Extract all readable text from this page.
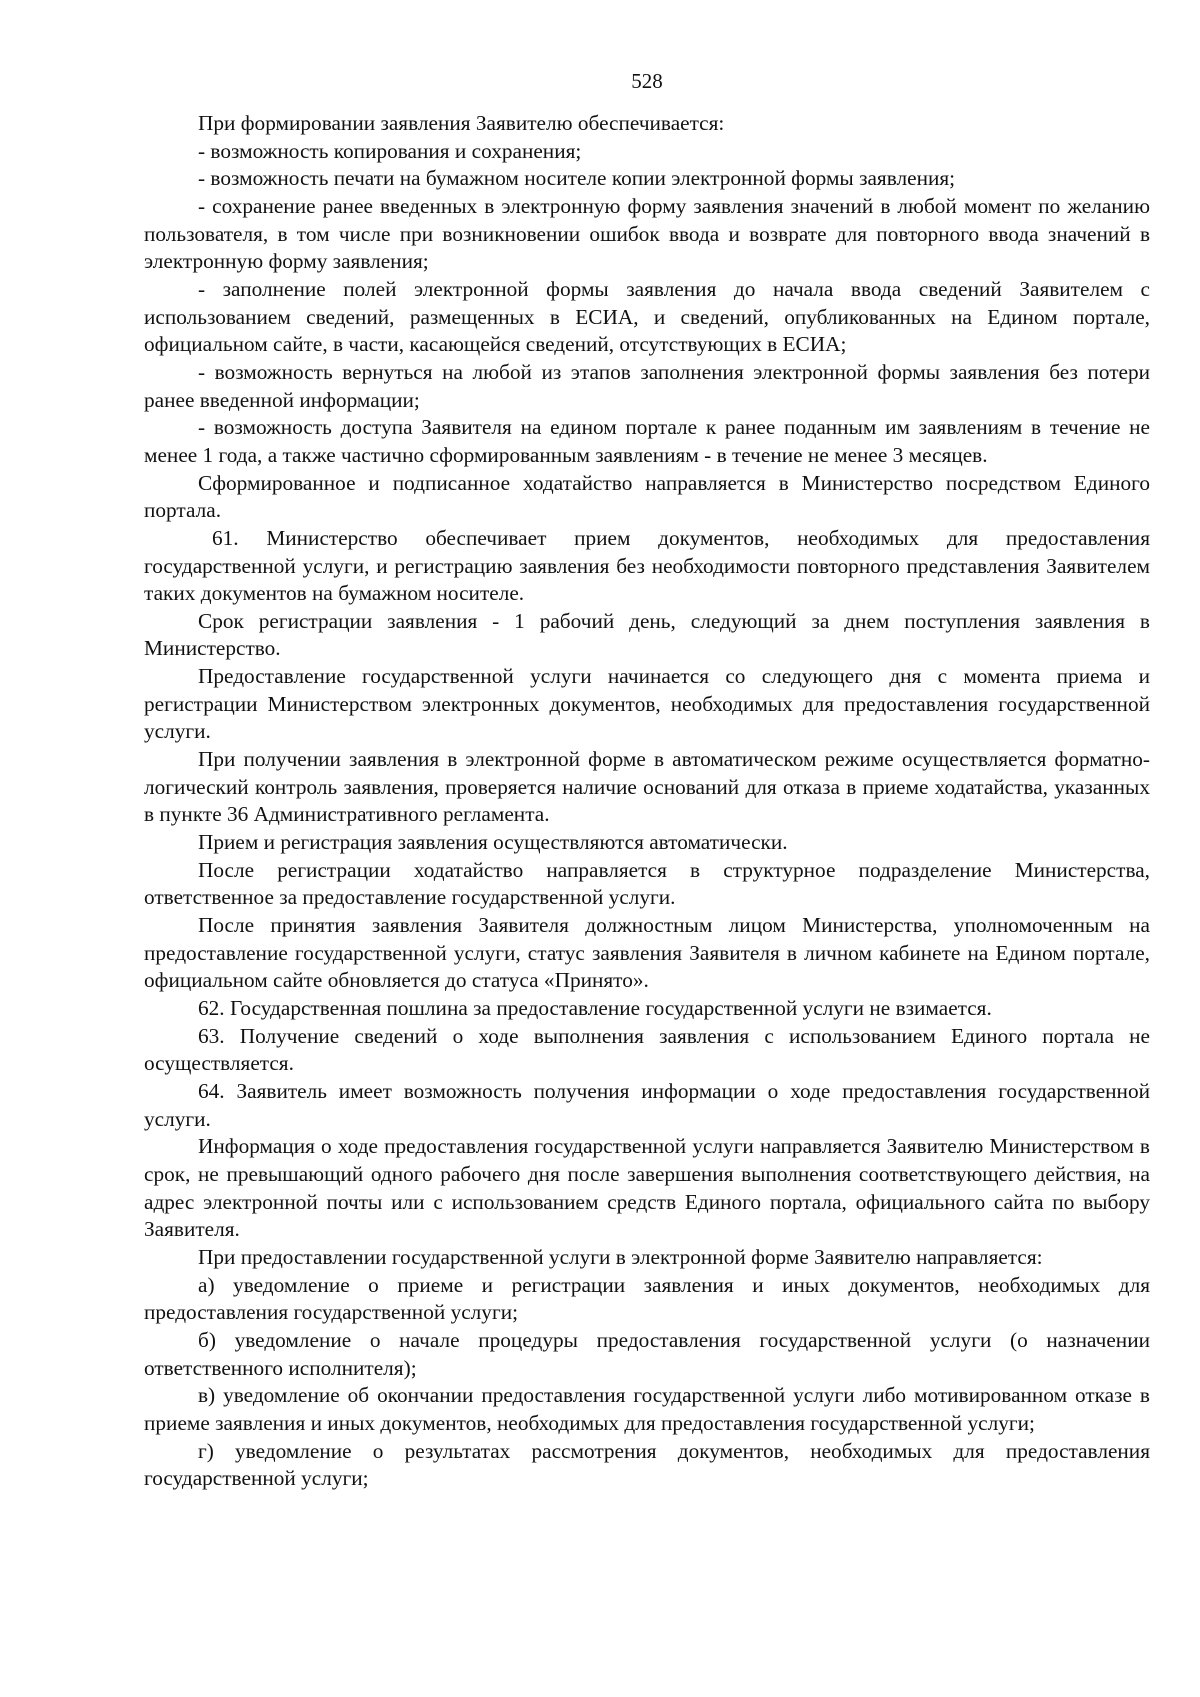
528

При формировании заявления Заявителю обеспечивается:

- возможность копирования и сохранения;

- возможность печати на бумажном носителе копии электронной формы заявления;

- сохранение ранее введенных в электронную форму заявления значений в любой момент по желанию пользователя, в том числе при возникновении ошибок ввода и возврате для повторного ввода значений в электронную форму заявления;

- заполнение полей электронной формы заявления до начала ввода сведений Заявителем с использованием сведений, размещенных в ЕСИА, и сведений, опубликованных на Едином портале, официальном сайте, в части, касающейся сведений, отсутствующих в ЕСИА;

- возможность вернуться на любой из этапов заполнения электронной формы заявления без потери ранее введенной информации;

- возможность доступа Заявителя на едином портале к ранее поданным им заявлениям в течение не менее 1 года, а также частично сформированным заявлениям - в течение не менее 3 месяцев.

Сформированное и подписанное ходатайство направляется в Министерство посредством Единого портала.

61. Министерство обеспечивает прием документов, необходимых для предоставления государственной услуги, и регистрацию заявления без необходимости повторного представления Заявителем таких документов на бумажном носителе.

Срок регистрации заявления - 1 рабочий день, следующий за днем поступления заявления в Министерство.

Предоставление государственной услуги начинается со следующего дня с момента приема и регистрации Министерством электронных документов, необходимых для предоставления государственной услуги.

При получении заявления в электронной форме в автоматическом режиме осуществляется форматно-логический контроль заявления, проверяется наличие оснований для отказа в приеме ходатайства, указанных в пункте 36 Административного регламента.

Прием и регистрация заявления осуществляются автоматически.

После регистрации ходатайство направляется в структурное подразделение Министерства, ответственное за предоставление государственной услуги.

После принятия заявления Заявителя должностным лицом Министерства, уполномоченным на предоставление государственной услуги, статус заявления Заявителя в личном кабинете на Едином портале, официальном сайте обновляется до статуса «Принято».

62. Государственная пошлина за предоставление государственной услуги не взимается.

63. Получение сведений о ходе выполнения заявления с использованием Единого портала не осуществляется.

64. Заявитель имеет возможность получения информации о ходе предоставления государственной услуги.

Информация о ходе предоставления государственной услуги направляется Заявителю Министерством в срок, не превышающий одного рабочего дня после завершения выполнения соответствующего действия, на адрес электронной почты или с использованием средств Единого портала, официального сайта по выбору Заявителя.

При предоставлении государственной услуги в электронной форме Заявителю направляется:

а) уведомление о приеме и регистрации заявления и иных документов, необходимых для предоставления государственной услуги;

б) уведомление о начале процедуры предоставления государственной услуги (о назначении ответственного исполнителя);

в) уведомление об окончании предоставления государственной услуги либо мотивированном отказе в приеме заявления и иных документов, необходимых для предоставления государственной услуги;

г) уведомление о результатах рассмотрения документов, необходимых для предоставления государственной услуги;
